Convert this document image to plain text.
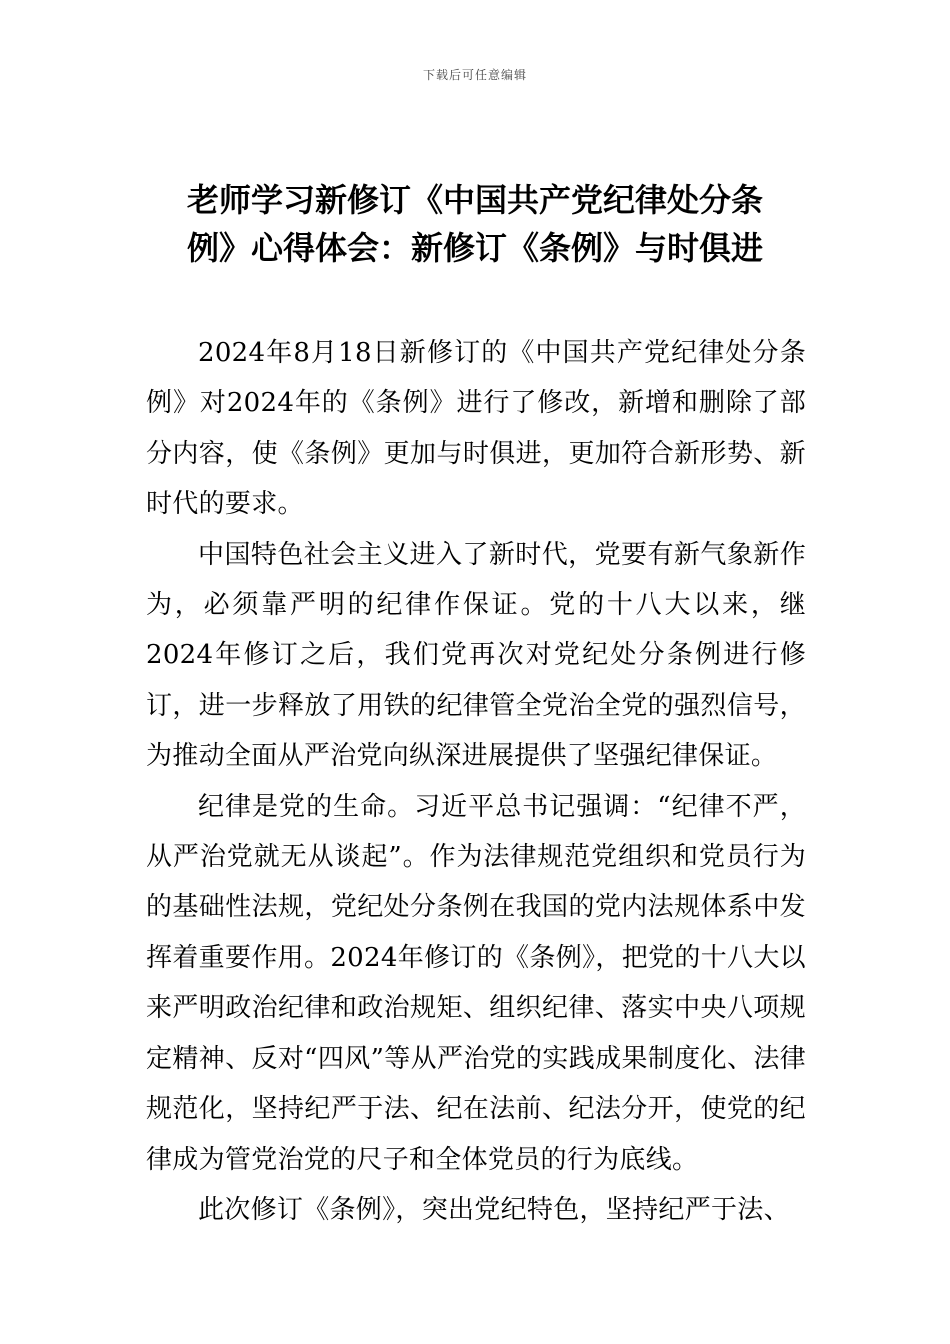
下载后可任意编辑
老师学习新修订《中国共产党纪律处分条
例》心得体会：新修订《条例》与时俱进

2024年8月18日新修订的《中国共产党纪律处分条例》对2024年的《条例》进行了修改，新增和删除了部分内容，使《条例》更加与时俱进，更加符合新形势、新时代的要求。

中国特色社会主义进入了新时代，党要有新气象新作为，必须靠严明的纪律作保证。党的十八大以来，继2024年修订之后，我们党再次对党纪处分条例进行修订，进一步释放了用铁的纪律管全党治全党的强烈信号，为推动全面从严治党向纵深进展提供了坚强纪律保证。

纪律是党的生命。习近平总书记强调：“纪律不严，从严治党就无从谈起”。作为法律规范党组织和党员行为的基础性法规，党纪处分条例在我国的党内法规体系中发挥着重要作用。2024年修订的《条例》，把党的十八大以来严明政治纪律和政治规矩、组织纪律、落实中央八项规定精神、反对“四风”等从严治党的实践成果制度化、法律规范化，坚持纪严于法、纪在法前、纪法分开，使党的纪律成为管党治党的尺子和全体党员的行为底线。

此次修订《条例》，突出党纪特色，坚持纪严于法、
